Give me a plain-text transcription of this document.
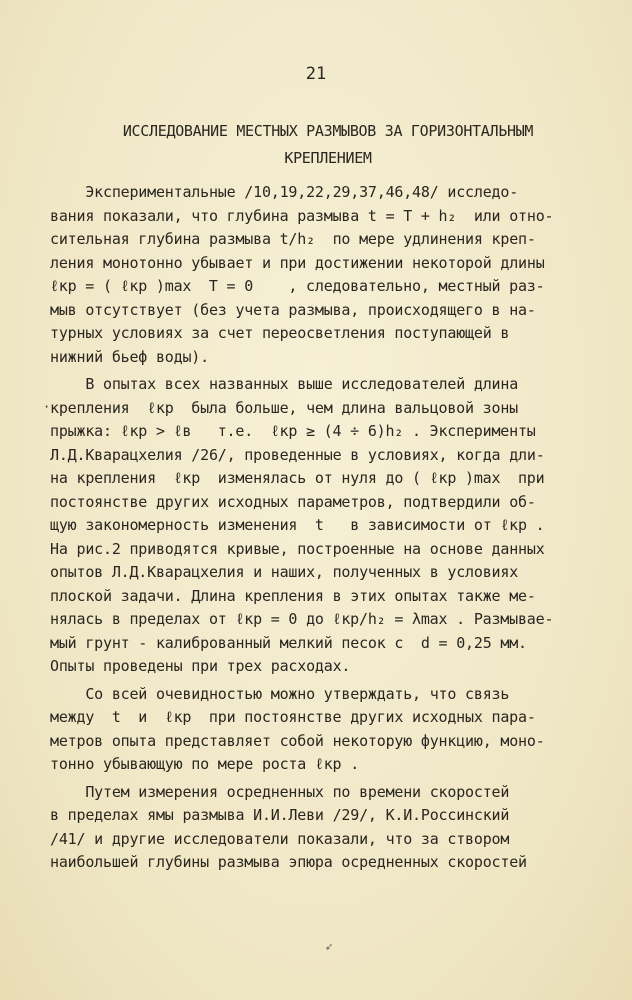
21
ИССЛЕДОВАНИЕ МЕСТНЫХ РАЗМЫВОВ ЗА ГОРИЗОНТАЛЬНЫМ
КРЕПЛЕНИЕМ
Экспериментальные /10,19,22,29,37,46,48/ исследо-
вания показали, что глубина размыва t = T + h₂  или отно-
сительная глубина размыва t/h₂  по мере удлинения креп-
ления монотонно убывает и при достижении некоторой длины
ℓкр = ( ℓкр )max  T = 0    , следовательно, местный раз-
мыв отсутствует (без учета размыва, происходящего в на-
турных условиях за счет переосветления поступающей в
нижний бьеф воды).
В опытах всех названных выше исследователей длина
крепления  ℓкр  была больше, чем длина вальцовой зоны
прыжка: ℓкр > ℓв   т.е.  ℓкр ≥ (4 ÷ 6)h₂ . Эксперименты
Л.Д.Кварацхелия /26/, проведенные в условиях, когда дли-
на крепления  ℓкр  изменялась от нуля до ( ℓкр )max  при
постоянстве других исходных параметров, подтвердили об-
щую закономерность изменения  t   в зависимости от ℓкр .
На рис.2 приводятся кривые, построенные на основе данных
опытов Л.Д.Кварацхелия и наших, полученных в условиях
плоской задачи. Длина крепления в этих опытах также ме-
нялась в пределах от ℓкр = 0 до ℓкр/h₂ = λmax . Размываe-
мый грунт - калиброванный мелкий песок с  d = 0,25 мм.
Опыты проведены при трех расходах.
Со всей очевидностью можно утверждать, что связь
между  t  и  ℓкр  при постоянстве других исходных пара-
метров опыта представляет собой некоторую функцию, моно-
тонно убывающую по мере роста ℓкр .
Путем измерения осредненных по времени скоростей
в пределах ямы размыва И.И.Леви /29/, К.И.Россинский
/41/ и другие исследователи показали, что за створом
наибольшей глубины размыва эпюра осредненных скоростей
·
➶
